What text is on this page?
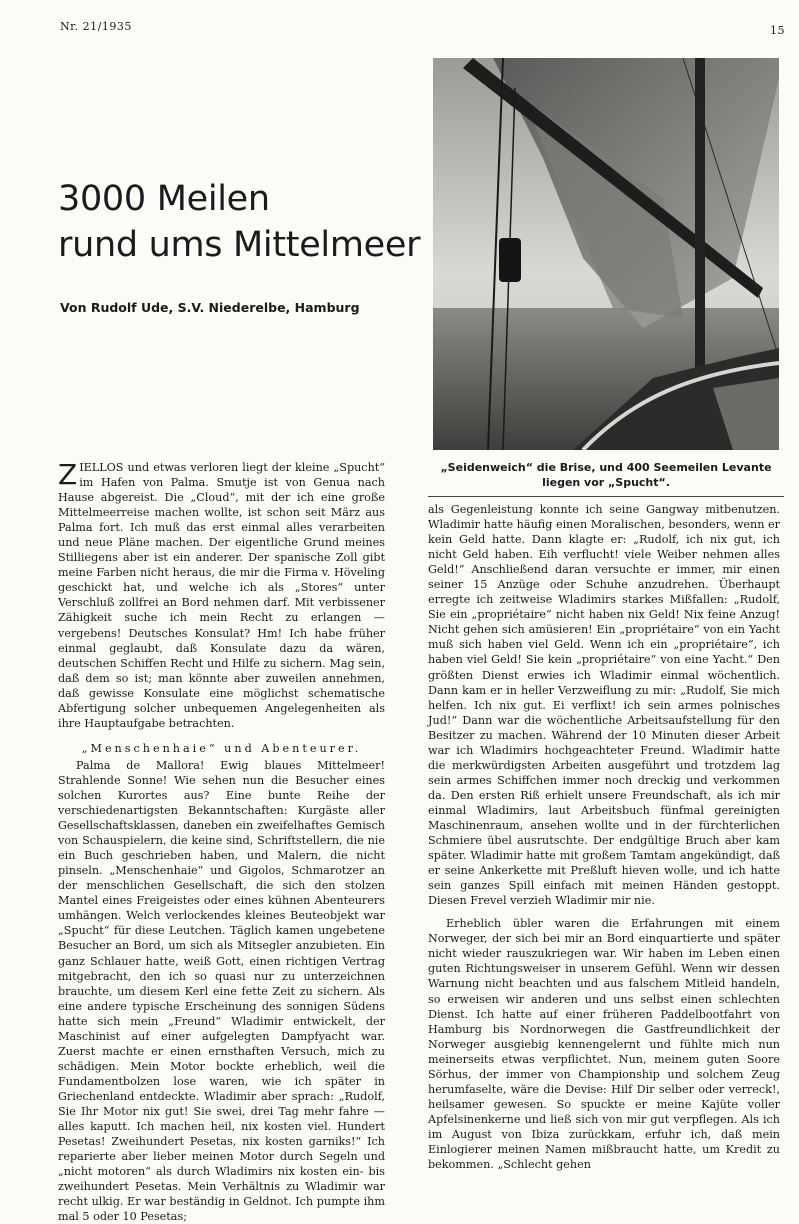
Nr. 21/1935	15
3000 Meilen
rund ums Mittelmeer
Von Rudolf Ude, S.V. Niederelbe, Hamburg
„Seidenweich“ die Brise, und 400 Seemeilen Levante liegen vor „Spucht“.

ZIELLOS und etwas verloren liegt der kleine „Spucht“ im Hafen von Palma. Smutje ist von Genua nach Hause abgereist. Die „Cloud“, mit der ich eine große Mittelmeerreise machen wollte, ist schon seit März aus Palma fort. Ich muß das erst einmal alles verarbeiten und neue Pläne machen. Der eigentliche Grund meines Stilliegens aber ist ein anderer. Der spanische Zoll gibt meine Farben nicht heraus, die mir die Firma v. Höveling geschickt hat, und welche ich als „Stores“ unter Verschluß zollfrei an Bord nehmen darf. Mit verbissener Zähigkeit suche ich mein Recht zu erlangen — vergebens! Deutsches Konsulat? Hm! Ich habe früher einmal geglaubt, daß Konsulate dazu da wären, deutschen Schiffen Recht und Hilfe zu sichern. Mag sein, daß dem so ist; man könnte aber zuweilen annehmen, daß gewisse Konsulate eine möglichst schematische Abfertigung solcher unbequemen Angelegenheiten als ihre Hauptaufgabe betrachten.

„Menschenhaie“ und Abenteurer.

Palma de Mallora! Ewig blaues Mittelmeer! Strahlende Sonne! Wie sehen nun die Besucher eines solchen Kurortes aus? Eine bunte Reihe der verschiedenartigsten Bekanntschaften: Kurgäste aller Gesellschaftsklassen, daneben ein zweifelhaftes Gemisch von Schauspielern, die keine sind, Schriftstellern, die nie ein Buch geschrieben haben, und Malern, die nicht pinseln. „Menschenhaie“ und Gigolos, Schmarotzer an der menschlichen Gesellschaft, die sich den stolzen Mantel eines Freigeistes oder eines kühnen Abenteurers umhängen. Welch verlockendes kleines Beuteobjekt war „Spucht“ für diese Leutchen. Täglich kamen ungebetene Besucher an Bord, um sich als Mitsegler anzubieten. Ein ganz Schlauer hatte, weiß Gott, einen richtigen Vertrag mitgebracht, den ich so quasi nur zu unterzeichnen brauchte, um diesem Kerl eine fette Zeit zu sichern. Als eine andere typische Erscheinung des sonnigen Südens hatte sich mein „Freund“ Wladimir entwickelt, der Maschinist auf einer aufgelegten Dampfyacht war. Zuerst machte er einen ernsthaften Versuch, mich zu schädigen. Mein Motor bockte erheblich, weil die Fundamentbolzen lose waren, wie ich später in Griechenland entdeckte. Wladimir aber sprach: „Rudolf, Sie Ihr Motor nix gut! Sie swei, drei Tag mehr fahre — alles kaputt. Ich machen heil, nix kosten viel. Hundert Pesetas! Zweihundert Pesetas, nix kosten garniks!“ Ich reparierte aber lieber meinen Motor durch Segeln und „nicht motoren“ als durch Wladimirs nix kosten ein- bis zweihundert Pesetas. Mein Verhältnis zu Wladimir war recht ulkig. Er war beständig in Geldnot. Ich pumpte ihm mal 5 oder 10 Pesetas;

als Gegenleistung konnte ich seine Gangway mitbenutzen. Wladimir hatte häufig einen Moralischen, besonders, wenn er kein Geld hatte. Dann klagte er: „Rudolf, ich nix gut, ich nicht Geld haben. Eih verflucht! viele Weiber nehmen alles Geld!“ Anschließend daran versuchte er immer, mir einen seiner 15 Anzüge oder Schuhe anzudrehen. Überhaupt erregte ich zeitweise Wladimirs starkes Mißfallen: „Rudolf, Sie ein „propriétaire“ nicht haben nix Geld! Nix feine Anzug! Nicht gehen sich amüsieren! Ein „propriétaire“ von ein Yacht muß sich haben viel Geld. Wenn ich ein „propriétaire“, ich haben viel Geld! Sie kein „propriétaire“ von eine Yacht.“ Den größten Dienst erwies ich Wladimir einmal wöchentlich. Dann kam er in heller Verzweiflung zu mir: „Rudolf, Sie mich helfen. Ich nix gut. Ei verflixt! ich sein armes polnisches Jud!“ Dann war die wöchentliche Arbeitsaufstellung für den Besitzer zu machen. Während der 10 Minuten dieser Arbeit war ich Wladimirs hochgeachteter Freund. Wladimir hatte die merkwürdigsten Arbeiten ausgeführt und trotzdem lag sein armes Schiffchen immer noch dreckig und verkommen da. Den ersten Riß erhielt unsere Freundschaft, als ich mir einmal Wladimirs, laut Arbeitsbuch fünfmal gereinigten Maschinenraum, ansehen wollte und in der fürchterlichen Schmiere übel ausrutschte. Der endgültige Bruch aber kam später. Wladimir hatte mit großem Tamtam angekündigt, daß er seine Ankerkette mit Preßluft hieven wolle, und ich hatte sein ganzes Spill einfach mit meinen Händen gestoppt. Diesen Frevel verzieh Wladimir mir nie.

Erheblich übler waren die Erfahrungen mit einem Norweger, der sich bei mir an Bord einquartierte und später nicht wieder rauszukriegen war. Wir haben im Leben einen guten Richtungsweiser in unserem Gefühl. Wenn wir dessen Warnung nicht beachten und aus falschem Mitleid handeln, so erweisen wir anderen und uns selbst einen schlechten Dienst. Ich hatte auf einer früheren Paddelbootfahrt von Hamburg bis Nordnorwegen die Gastfreundlichkeit der Norweger ausgiebig kennengelernt und fühlte mich nun meinerseits etwas verpflichtet. Nun, meinem guten Soore Sörhus, der immer von Championship und solchem Zeug herumfaselte, wäre die Devise: Hilf Dir selber oder verreck!, heilsamer gewesen. So spuckte er meine Kajüte voller Apfelsinenkerne und ließ sich von mir gut verpflegen. Als ich im August von Ibiza zurückkam, erfuhr ich, daß mein Einlogierer meinen Namen mißbraucht hatte, um Kredit zu bekommen. „Schlecht gehen
